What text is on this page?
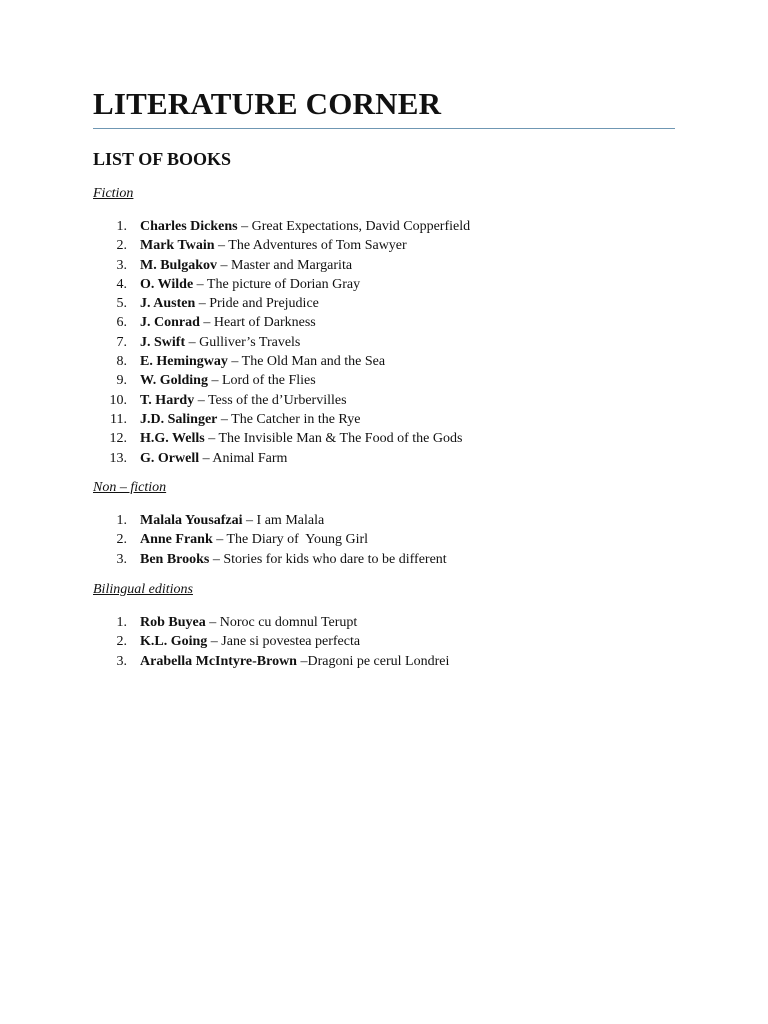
LITERATURE CORNER
LIST OF BOOKS

Fiction

1. Charles Dickens – Great Expectations, David Copperfield
2. Mark Twain – The Adventures of Tom Sawyer
3. M. Bulgakov – Master and Margarita
4. O. Wilde – The picture of Dorian Gray
5. J. Austen – Pride and Prejudice
6. J. Conrad – Heart of Darkness
7. J. Swift – Gulliver’s Travels
8. E. Hemingway – The Old Man and the Sea
9. W. Golding – Lord of the Flies
10. T. Hardy – Tess of the d’Urbervilles
11. J.D. Salinger – The Catcher in the Rye
12. H.G. Wells – The Invisible Man & The Food of the Gods
13. G. Orwell – Animal Farm

Non – fiction

1. Malala Yousafzai – I am Malala
2. Anne Frank – The Diary of  Young Girl
3. Ben Brooks – Stories for kids who dare to be different

Bilingual editions

1. Rob Buyea – Noroc cu domnul Terupt
2. K.L. Going – Jane si povestea perfecta
3. Arabella McIntyre-Brown –Dragoni pe cerul Londrei
